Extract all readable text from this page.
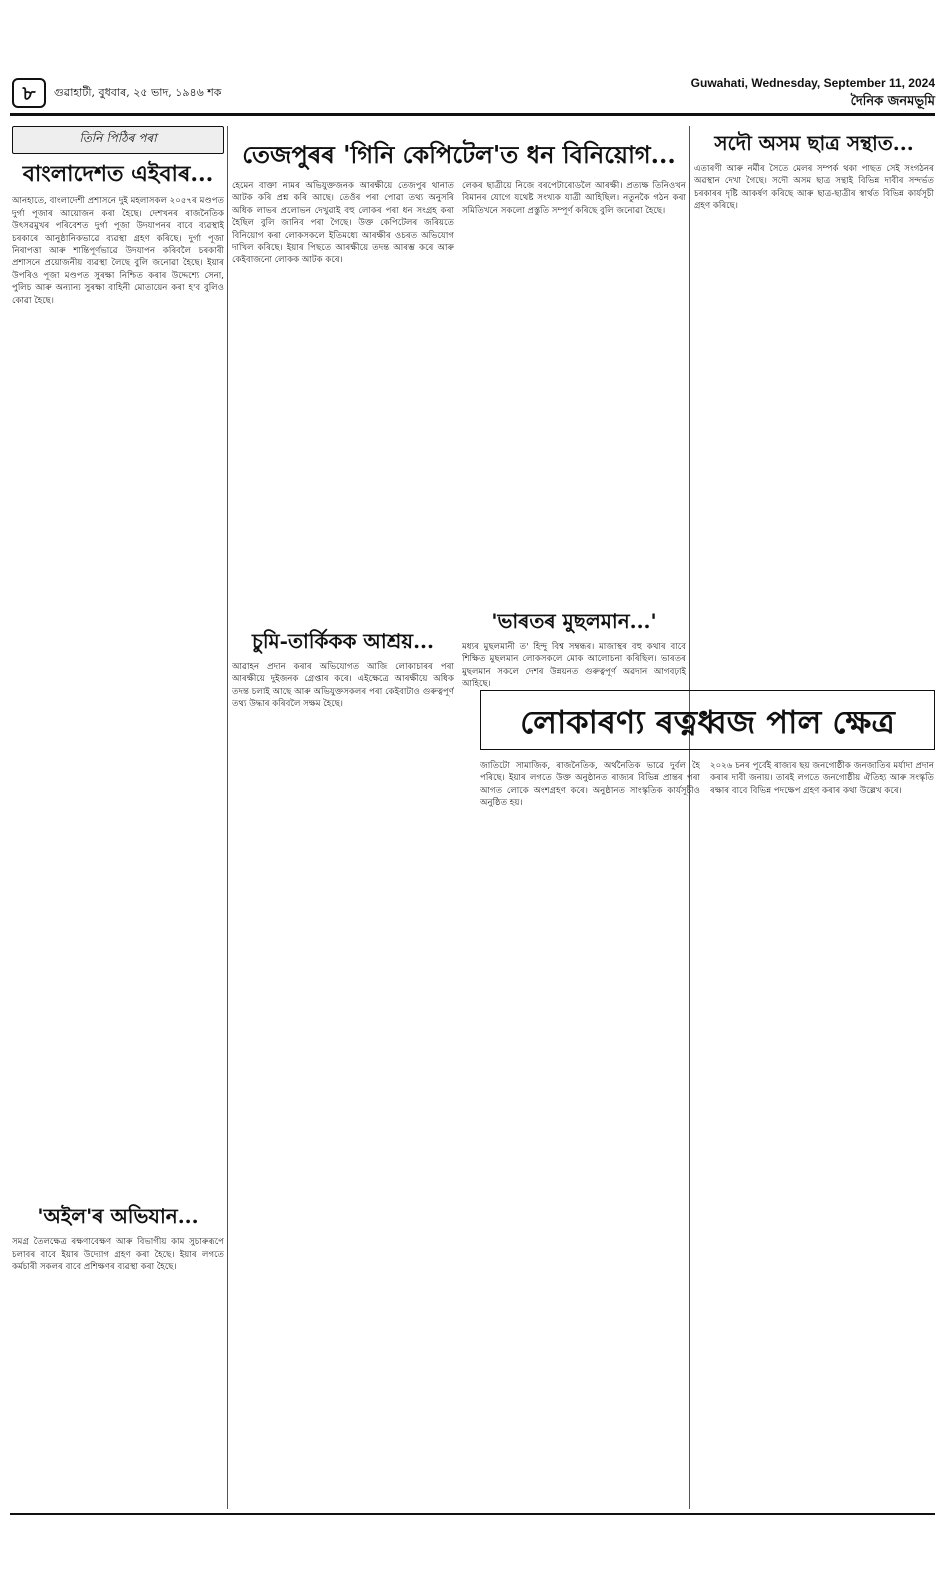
৮	গুৱাহাটী, বুধবাৰ, ২৫ ভাদ, ১৯৪৬ শক
Guwahati, Wednesday, September 11, 2024
দৈনিক জনমভূমি
তিনি পিঠিৰ পৰা
বাংলাদেশত এইবাৰ...
আনহাতে, বাংলাদেশী প্ৰশাসনে দুই মহলাসকল ২০৫৭ৰ মণ্ডপত দুৰ্গা পূজাৰ আয়োজন কৰা হৈছে। দেশখনৰ ৰাজনৈতিক উৎসৱমুখৰ পৰিবেশত দুৰ্গা পূজা উদযাপনৰ বাবে ব্যৱস্থাই চৰকাৰে আনুষ্ঠানিকভাৱে ব্যৱস্থা গ্ৰহণ কৰিছে। দুৰ্গা পূজা নিৰাপত্তা আৰু শান্তিপূৰ্ণভাৱে উদযাপন কৰিবলৈ চৰকাৰী প্ৰশাসনে প্ৰয়োজনীয় ব্যৱস্থা লৈছে বুলি জনোৱা হৈছে। ইয়াৰ উপৰিও পূজা মণ্ডপত সুৰক্ষা নিশ্চিত কৰাৰ উদ্দেশ্যে সেনা, পুলিচ আৰু অন্যান্য সুৰক্ষা বাহিনী মোতায়েন কৰা হ'ব বুলিও কোৱা হৈছে।
'অইল'ৰ অভিযান...
সমগ্ৰ তৈলক্ষেত্ৰ ৰক্ষণাবেক্ষণ আৰু বিভাগীয় কাম সুচাৰুৰূপে চলাবৰ বাবে ইয়াৰ উদ্যোগ গ্ৰহণ কৰা হৈছে। ইয়াৰ লগতে কৰ্মচাৰী সকলৰ বাবে প্ৰশিক্ষণৰ ব্যৱস্থা কৰা হৈছে।
তেজপুৰৰ 'গিনি কেপিটেল'ত ধন বিনিয়োগ...
হেমেন বাক্তা নামৰ অভিযুক্তজনক আৰক্ষীয়ে তেজপুৰ থানাত আটক কৰি প্ৰশ্ন কৰি আছে। তেওঁৰ পৰা পোৱা তথ্য অনুসৰি অধিক লাভৰ প্ৰলোভন দেখুৱাই বহু লোকৰ পৰা ধন সংগ্ৰহ কৰা হৈছিল বুলি জানিব পৰা গৈছে। উক্ত কেপিটেলৰ জৰিয়তে বিনিয়োগ কৰা লোকসকলে ইতিমধ্যে আৰক্ষীৰ ওচৰত অভিযোগ দাখিল কৰিছে। ইয়াৰ পিছতে আৰক্ষীয়ে তদন্ত আৰম্ভ কৰে আৰু কেইবাজনো লোকক আটক কৰে।
চুমি-তাৰ্কিকক আশ্ৰয়...
আৱাহন প্ৰদান কৰাৰ অভিযোগত আজি লোকাচাৰৰ পৰা আৰক্ষীয়ে দুইজনক গ্ৰেপ্তাৰ কৰে। এইক্ষেত্ৰে আৰক্ষীয়ে অধিক তদন্ত চলাই আছে আৰু অভিযুক্তসকলৰ পৰা কেইবাটাও গুৰুত্বপূৰ্ণ তথ্য উদ্ধাৰ কৰিবলৈ সক্ষম হৈছে।
লেকৰ ছাত্ৰীয়ে নিজে বৰপেটাৰোডলৈ আৰক্ষী। প্ৰত্যক্ষ তিনিওখন বিমানৰ যোগে যথেষ্ট সংখ্যক যাত্ৰী আহিছিল। নতুনকৈ গঠন কৰা সমিতিখনে সকলো প্ৰস্তুতি সম্পূৰ্ণ কৰিছে বুলি জনোৱা হৈছে।
'ভাৰতৰ মুছলমান...'
মধ্যৰ মুছলমানী ত' হিন্দু বিশ্ব সম্বন্ধৰ। মাজাস্থৰ বহু কথাৰ বাবে শিক্ষিত মুছলমান লোকসকলে মোক আলোচনা কৰিছিল। ভাৰতৰ মুছলমান সকলে দেশৰ উন্নয়নত গুৰুত্বপূৰ্ণ অৱদান আগবঢ়াই আহিছে।
সদৌ অসম ছাত্ৰ সন্থাত...
এতাৰণী আৰু নৰ্মীৰ সৈতে মেলৰ সম্পৰ্ক থকা পাছত সেই সংগঠনৰ অৱস্থান দেখা গৈছে। সদৌ অসম ছাত্ৰ সন্থাই বিভিন্ন দাবীৰ সন্দৰ্ভত চৰকাৰৰ দৃষ্টি আকৰ্ষণ কৰিছে আৰু ছাত্ৰ-ছাত্ৰীৰ স্বাৰ্থত বিভিন্ন কাৰ্যসূচী গ্ৰহণ কৰিছে।
লোকাৰণ্য ৰত্নধ্বজ পাল ক্ষেত্ৰ
জাতিটো সামাজিক, ৰাজনৈতিক, অৰ্থনৈতিক ভাৱে দুৰ্বল হৈ পৰিছে। ইয়াৰ লগতে উক্ত অনুষ্ঠানত ৰাজ্যৰ বিভিন্ন প্ৰান্তৰ পৰা আগত লোকে অংশগ্ৰহণ কৰে। অনুষ্ঠানত সাংস্কৃতিক কাৰ্যসূচীও অনুষ্ঠিত হয়।
২০২৬ চনৰ পূৰ্বেই ৰাজ্যৰ ছয় জনগোষ্ঠীক জনজাতিৰ মৰ্যাদা প্ৰদান কৰাৰ দাবী জনায়। তাৰই লগতে জনগোষ্ঠীয় ঐতিহ্য আৰু সংস্কৃতি ৰক্ষাৰ বাবে বিভিন্ন পদক্ষেপ গ্ৰহণ কৰাৰ কথা উল্লেখ কৰে।
